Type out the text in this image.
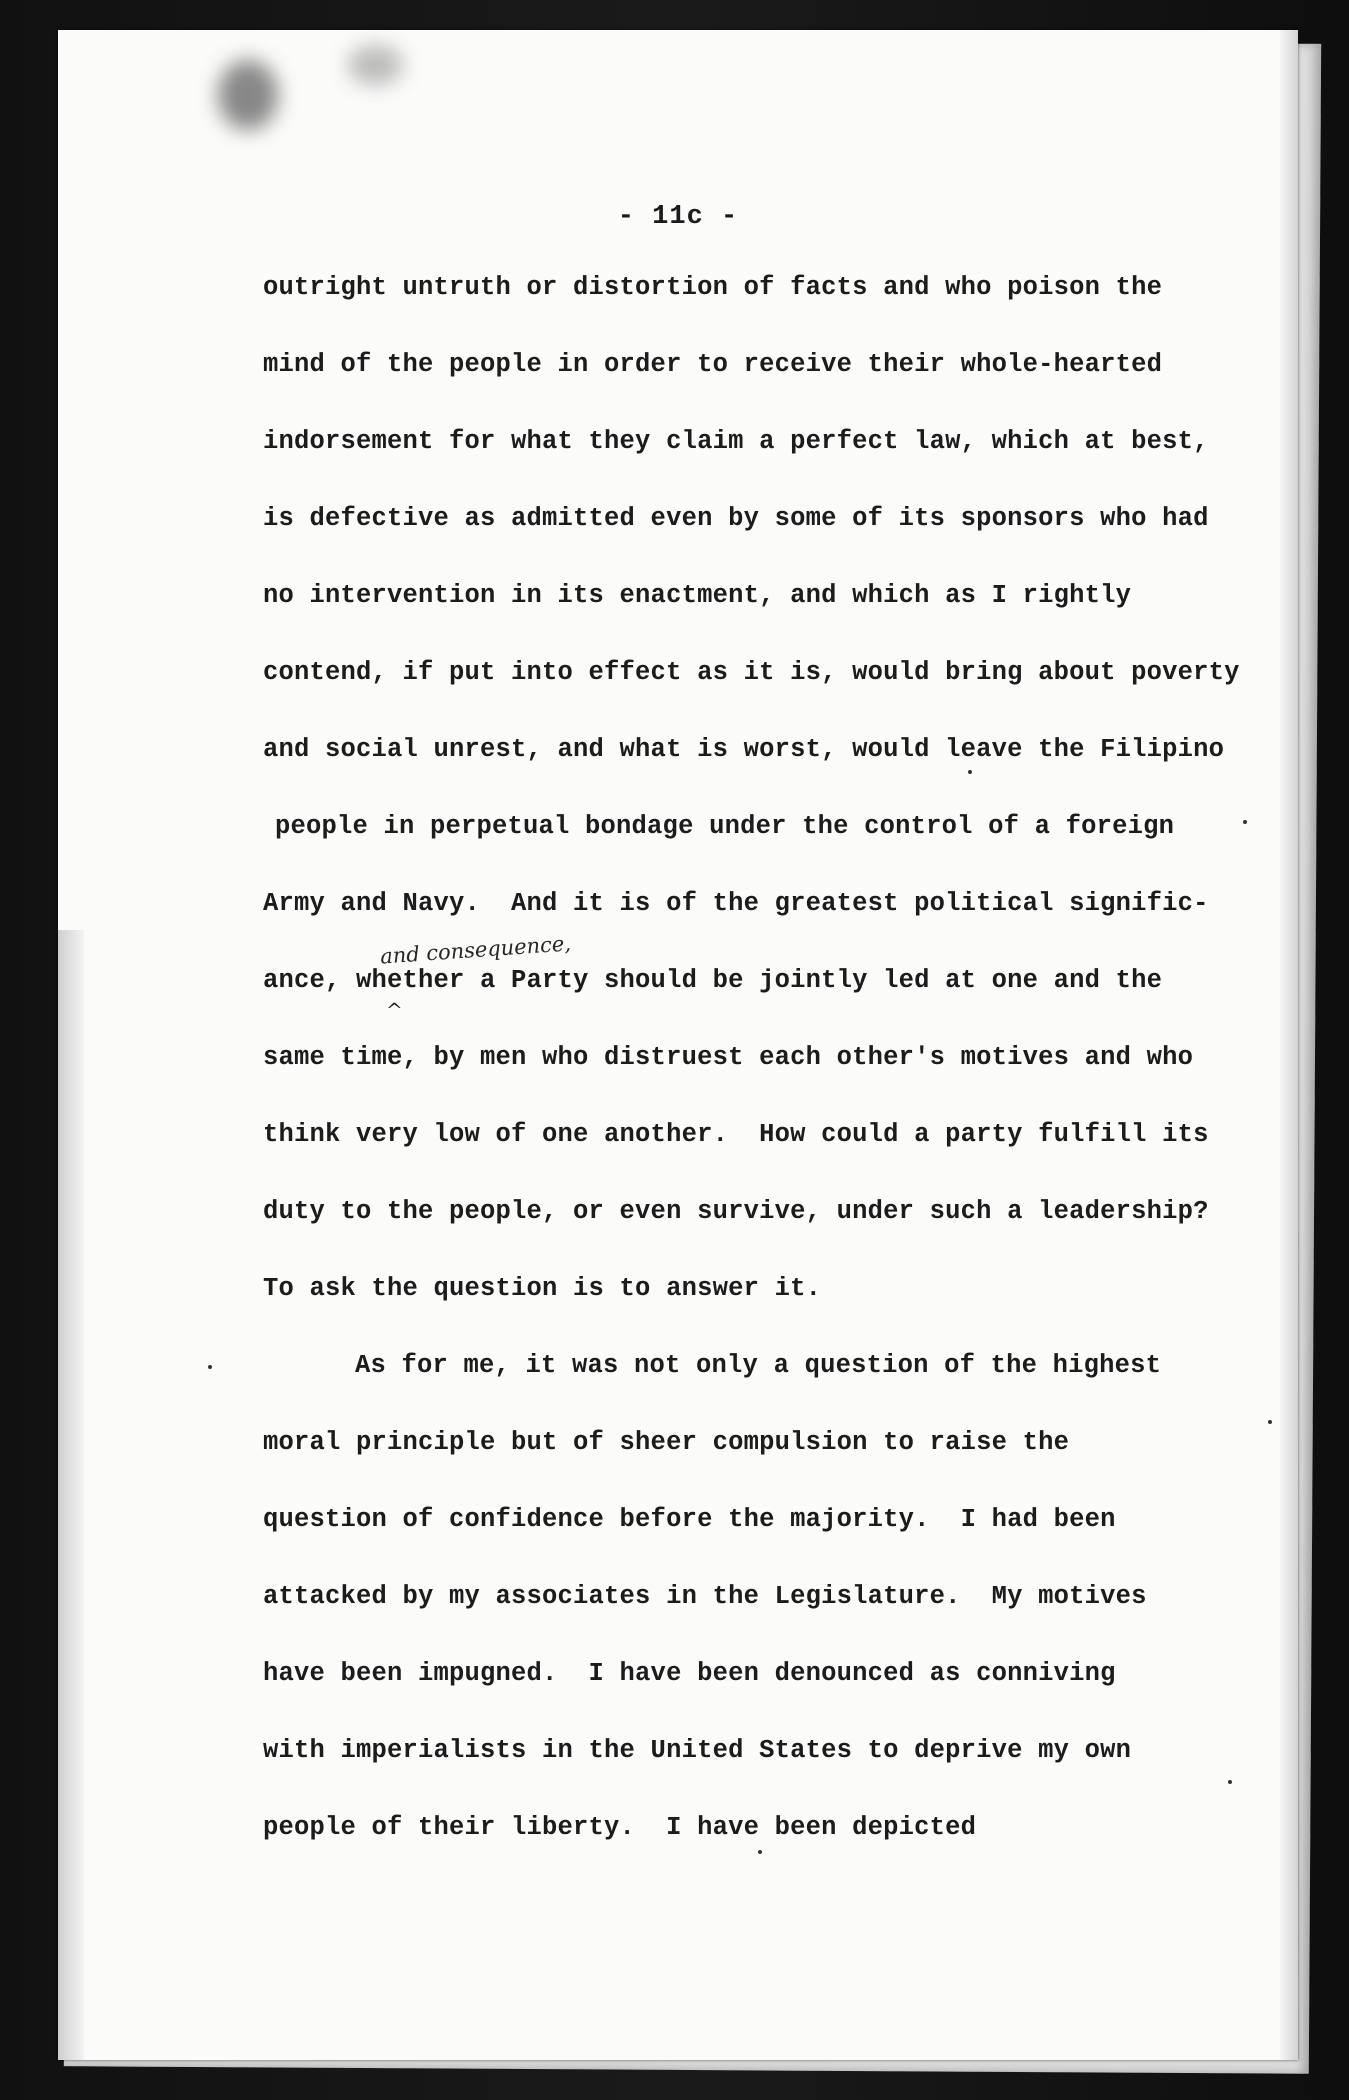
- 11c -
and consequence,
^
outright untruth or distortion of facts and who poison the
mind of the people in order to receive their whole-hearted
indorsement for what they claim a perfect law, which at best,
is defective as admitted even by some of its sponsors who had
no intervention in its enactment, and which as I rightly
contend, if put into effect as it is, would bring about poverty
and social unrest, and what is worst, would leave the Filipino
people in perpetual bondage under the control of a foreign
Army and Navy.  And it is of the greatest political signific-
ance, whether a Party should be jointly led at one and the
same time, by men who distruest each other's motives and who
think very low of one another.  How could a party fulfill its
duty to the people, or even survive, under such a leadership?
To ask the question is to answer it.
As for me, it was not only a question of the highest
moral principle but of sheer compulsion to raise the
question of confidence before the majority.  I had been
attacked by my associates in the Legislature.  My motives
have been impugned.  I have been denounced as conniving
with imperialists in the United States to deprive my own
people of their liberty.  I have been depicted
